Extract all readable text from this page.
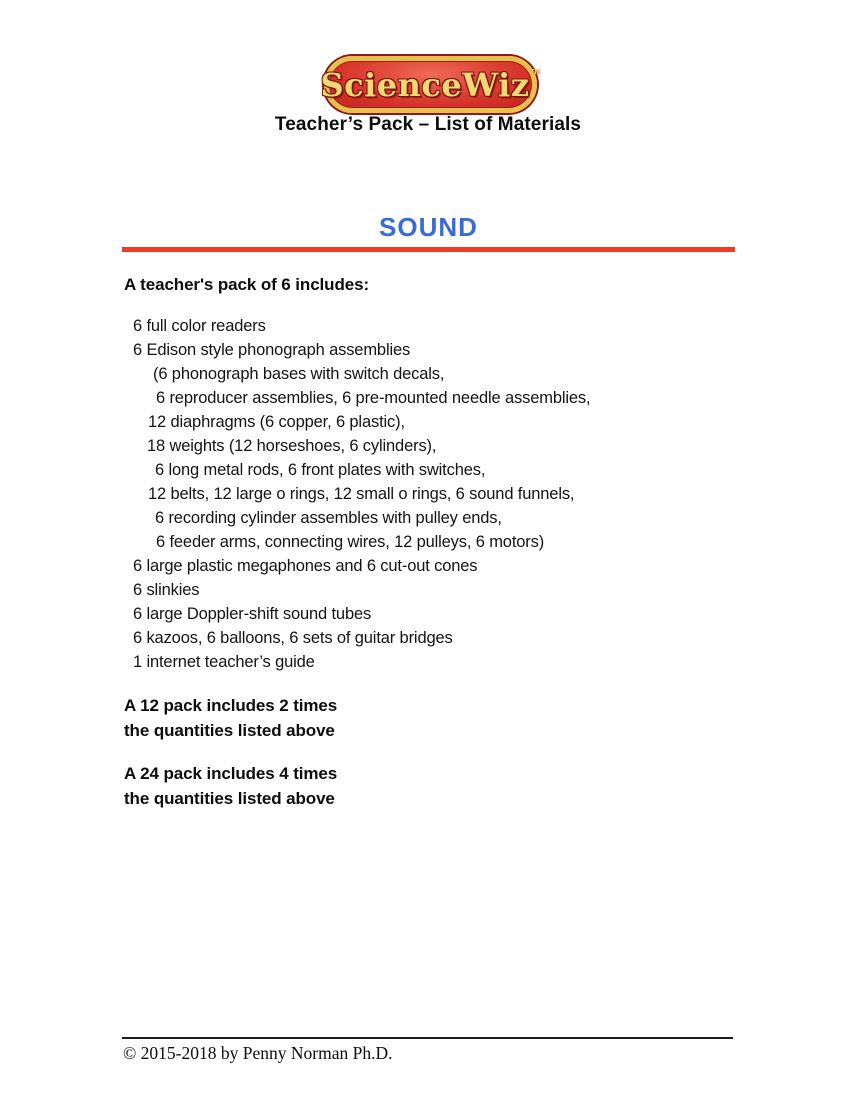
ScienceWiz TM
Teacher’s Pack – List of Materials
SOUND
A teacher's pack of 6 includes:
6 full color readers
6 Edison style phonograph assemblies
(6 phonograph bases with switch decals,
6 reproducer assemblies, 6 pre-mounted needle assemblies,
12 diaphragms (6 copper, 6 plastic),
18 weights (12 horseshoes, 6 cylinders),
6 long metal rods, 6 front plates with switches,
12 belts, 12 large o rings, 12 small o rings, 6 sound funnels,
6 recording cylinder assembles with pulley ends,
6 feeder arms, connecting wires, 12 pulleys, 6 motors)
6 large plastic megaphones and 6 cut-out cones
6 slinkies
6 large Doppler-shift sound tubes
6 kazoos, 6 balloons, 6 sets of guitar bridges
1 internet teacher’s guide
A 12 pack includes 2 times
the quantities listed above
A 24 pack includes 4 times
the quantities listed above
© 2015-2018 by Penny Norman Ph.D.
